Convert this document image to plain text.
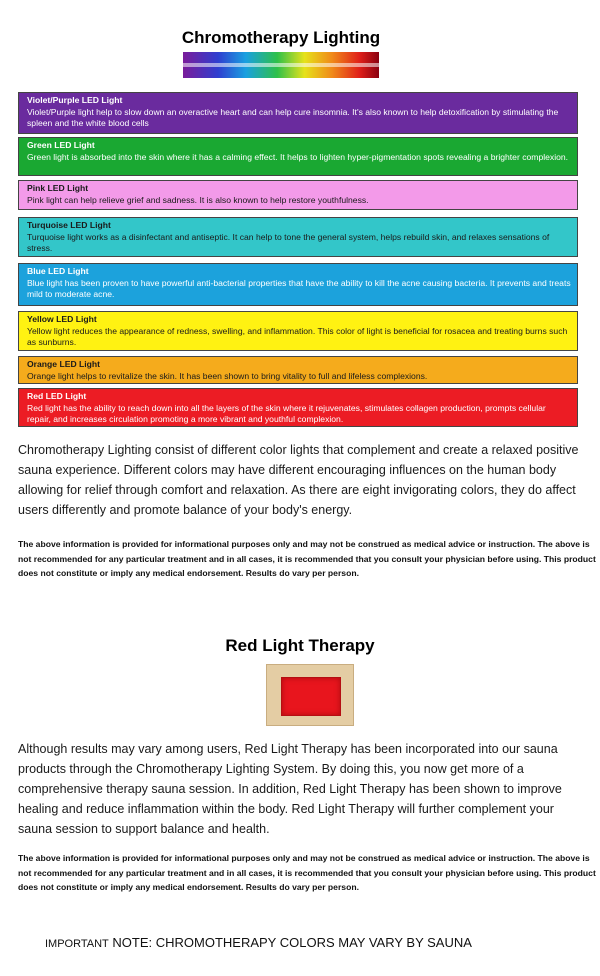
Chromotherapy Lighting
Violet/Purple LED Light
Violet/Purple light help to slow down an overactive heart and can help cure insomnia. It's also known to help detoxification by stimulating the spleen and the white blood cells
Green LED Light
Green light is absorbed into the skin where it has a calming effect. It helps to lighten hyper-pigmentation spots revealing a brighter complexion.
Pink LED Light
Pink light can help relieve grief and sadness. It is also known to help restore youthfulness.
Turquoise LED Light
Turquoise light works as a disinfectant and antiseptic. It can help to tone the general system, helps rebuild skin, and relaxes sensations of stress.
Blue LED Light
Blue light has been proven to have powerful anti-bacterial properties that have the ability to kill the acne causing bacteria. It prevents and treats mild to moderate acne.
Yellow LED Light
Yellow light reduces the appearance of redness, swelling, and inflammation. This color of light is beneficial for rosacea and treating burns such as sunburns.
Orange LED Light
Orange light helps to revitalize the skin. It has been shown to bring vitality to full and lifeless complexions.
Red LED Light
Red light has the ability to reach down into all the layers of the skin where it rejuvenates, stimulates collagen production, prompts cellular repair, and increases circulation promoting a more vibrant and youthful complexion.
Chromotherapy Lighting consist of different color lights that complement and create a relaxed positive sauna experience. Different colors may have different encouraging influences on the human body allowing for relief through comfort and relaxation. As there are eight invigorating colors, they do affect users differently and promote balance of your body's energy.
The above information is provided for informational purposes only and may not be construed as medical advice or instruction. The above is not recommended for any particular treatment and in all cases, it is recommended that you consult your physician before using. This product does not constitute or imply any medical endorsement. Results do vary per person.
Red Light Therapy
Although results may vary among users, Red Light Therapy has been incorporated into our sauna products through the Chromotherapy Lighting System. By doing this, you now get more of a comprehensive therapy sauna session. In addition, Red Light Therapy has been shown to improve healing and reduce inflammation within the body. Red Light Therapy will further complement your sauna session to support balance and health.
The above information is provided for informational purposes only and may not be construed as medical advice or instruction. The above is not recommended for any particular treatment and in all cases, it is recommended that you consult your physician before using. This product does not constitute or imply any medical endorsement. Results do vary per person.
IMPORTANT NOTE: CHROMOTHERAPY COLORS MAY VARY BY SAUNA
